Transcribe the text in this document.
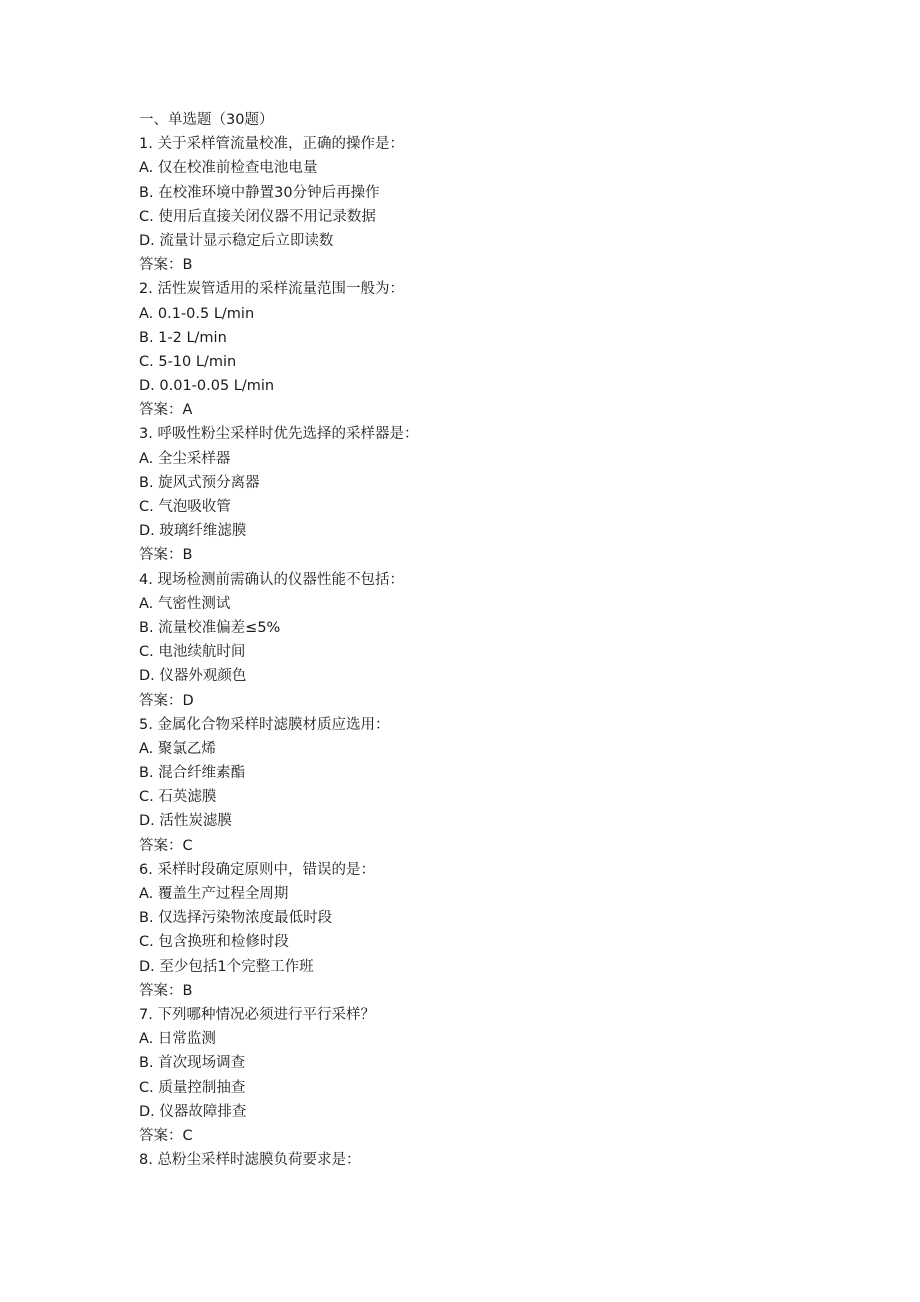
一、单选题（30题）
1. 关于采样管流量校准，正确的操作是：
A. 仅在校准前检查电池电量
B. 在校准环境中静置30分钟后再操作
C. 使用后直接关闭仪器不用记录数据
D. 流量计显示稳定后立即读数
答案：B
2. 活性炭管适用的采样流量范围一般为：
A. 0.1-0.5 L/min
B. 1-2 L/min
C. 5-10 L/min
D. 0.01-0.05 L/min
答案：A
3. 呼吸性粉尘采样时优先选择的采样器是：
A. 全尘采样器
B. 旋风式预分离器
C. 气泡吸收管
D. 玻璃纤维滤膜
答案：B
4. 现场检测前需确认的仪器性能不包括：
A. 气密性测试
B. 流量校准偏差≤5%
C. 电池续航时间
D. 仪器外观颜色
答案：D
5. 金属化合物采样时滤膜材质应选用：
A. 聚氯乙烯
B. 混合纤维素酯
C. 石英滤膜
D. 活性炭滤膜
答案：C
6. 采样时段确定原则中，错误的是：
A. 覆盖生产过程全周期
B. 仅选择污染物浓度最低时段
C. 包含换班和检修时段
D. 至少包括1个完整工作班
答案：B
7. 下列哪种情况必须进行平行采样？
A. 日常监测
B. 首次现场调查
C. 质量控制抽查
D. 仪器故障排查
答案：C
8. 总粉尘采样时滤膜负荷要求是：
